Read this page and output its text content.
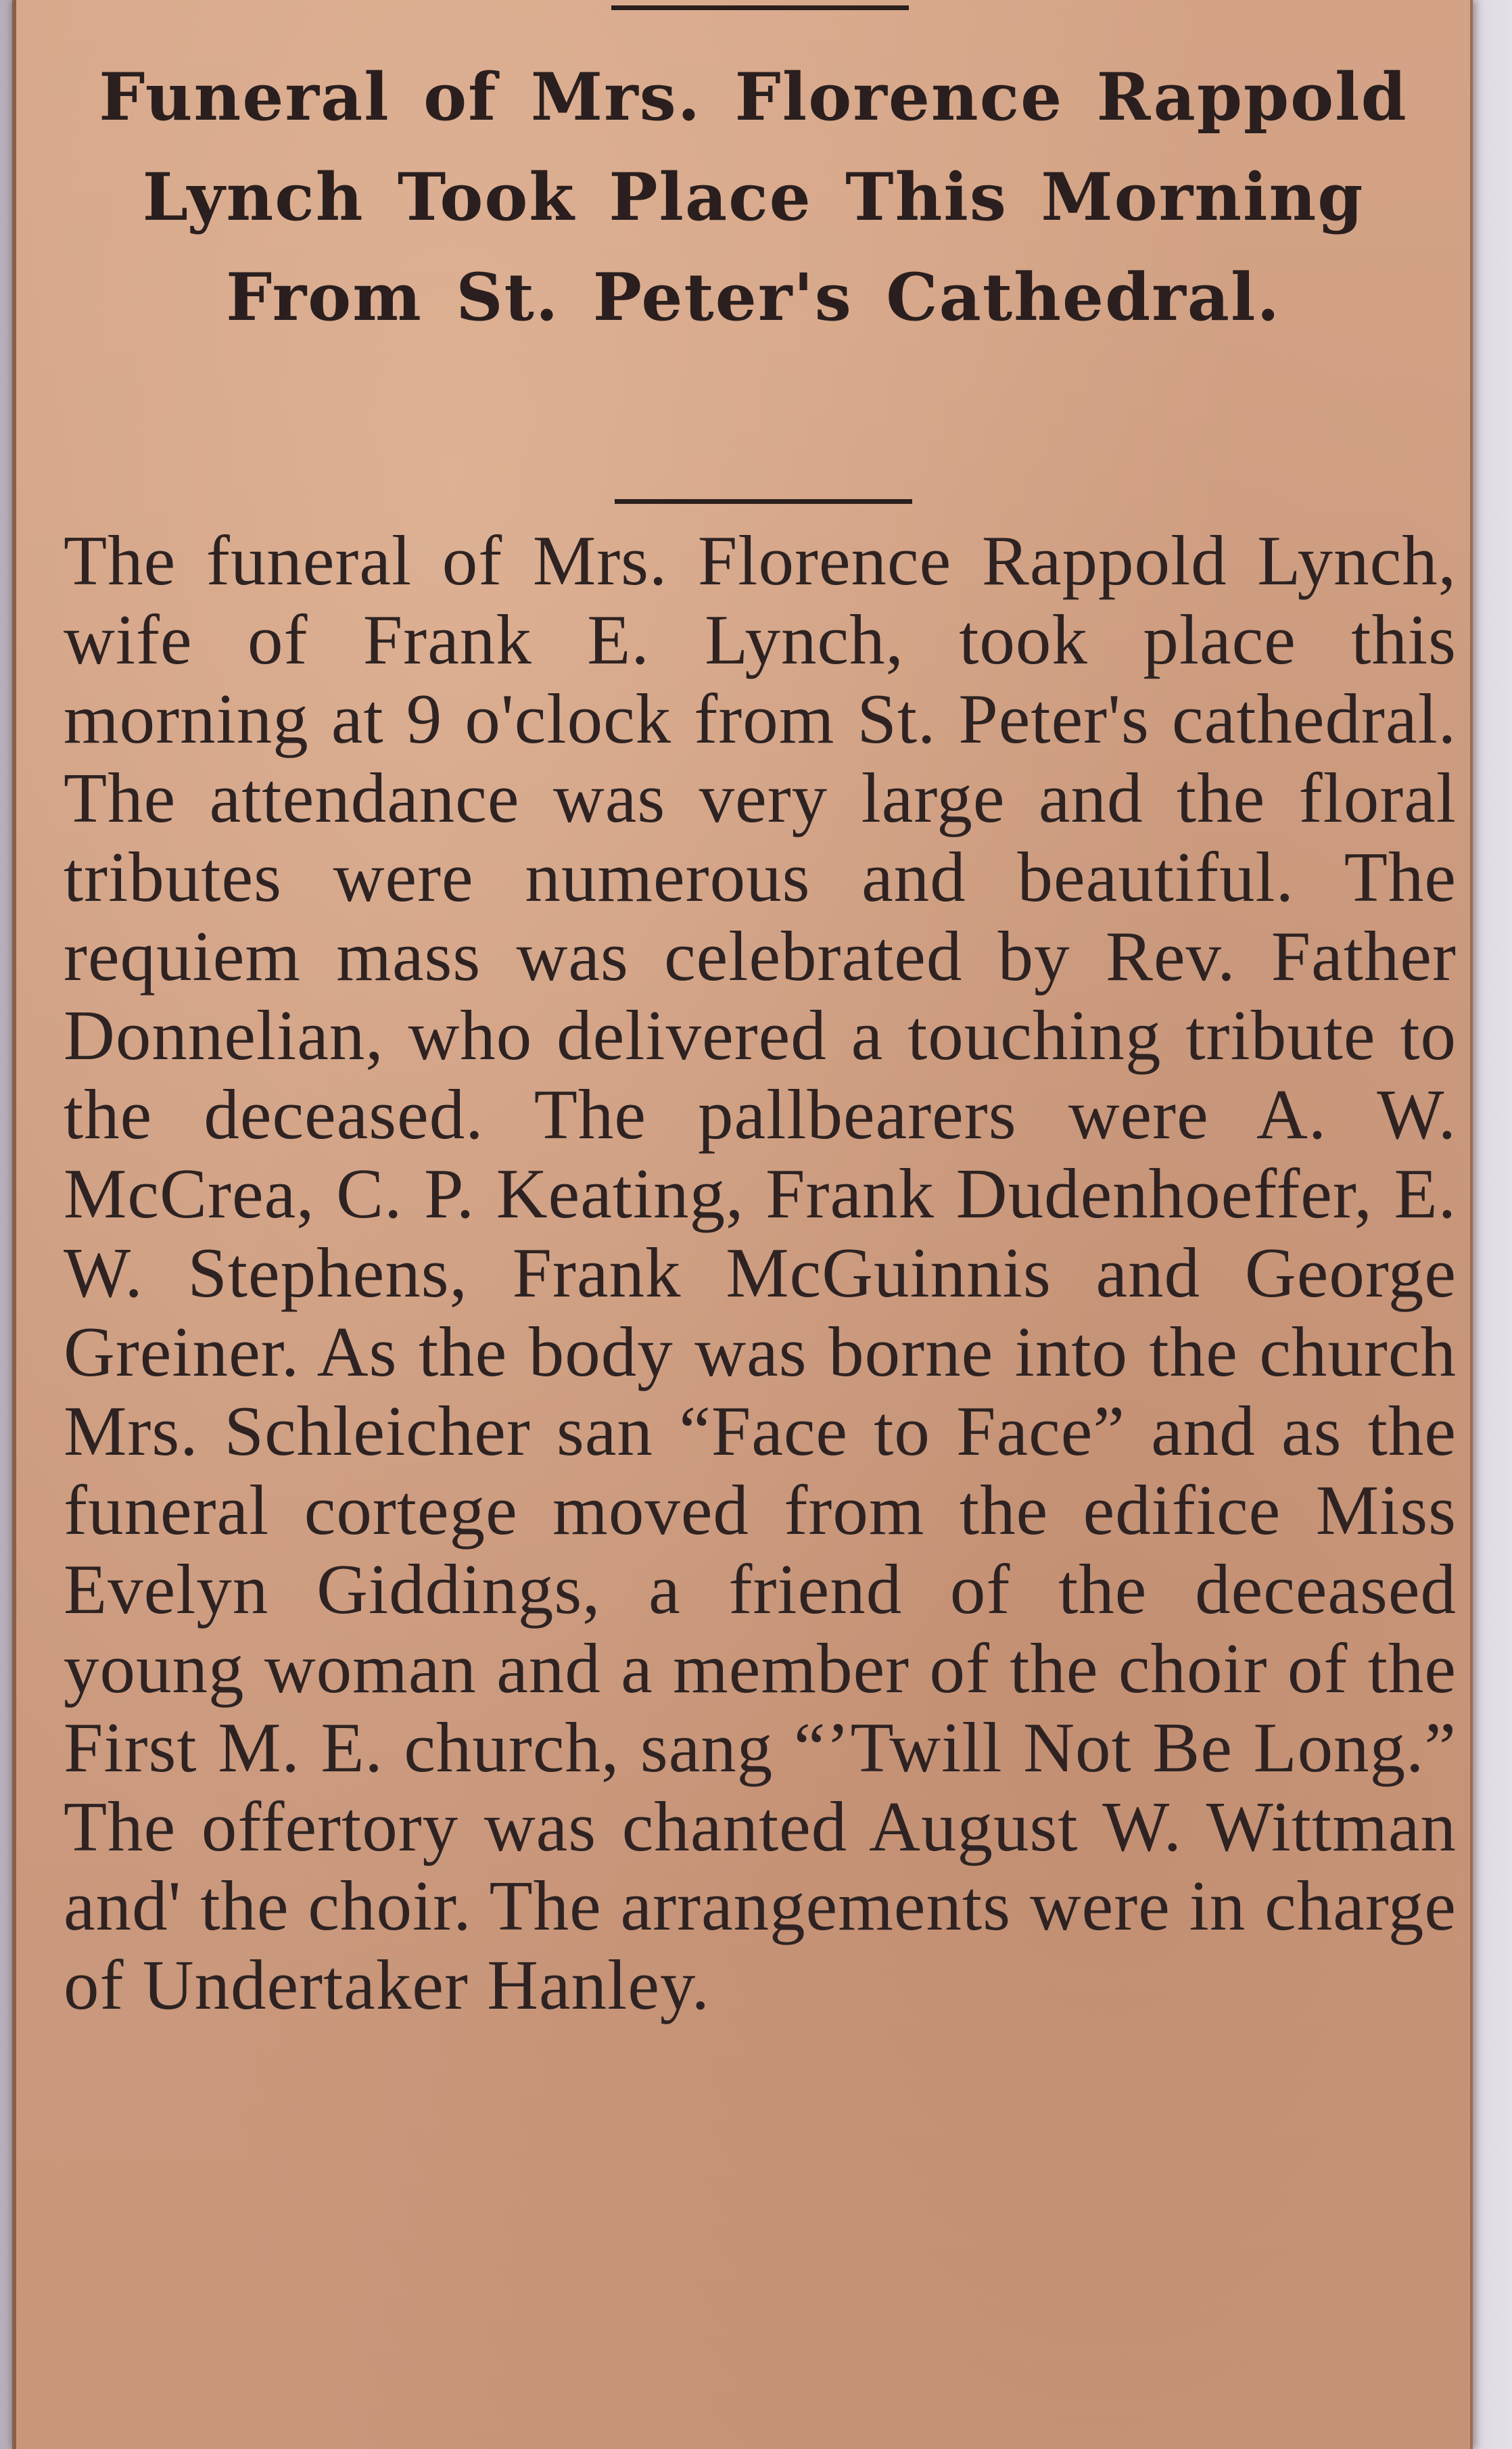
Funeral of Mrs. Florence Rappold Lynch Took Place This Morning From St. Peter's Cathedral.

The funeral of Mrs. Florence Rappold Lynch, wife of Frank E. Lynch, took place this morning at 9 o'clock from St. Peter's cathedral. The attendance was very large and the floral tributes were numerous and beautiful. The requiem mass was celebrated by Rev. Father Donnelian, who delivered a touching tribute to the deceased. The pallbearers were A. W. McCrea, C. P. Keating, Frank Dudenhoeffer, E. W. Stephens, Frank McGuinnis and George Greiner. As the body was borne into the church Mrs. Schleicher san “Face to Face” and as the funeral cortege moved from the edifice Miss Evelyn Giddings, a friend of the deceased young woman and a member of the choir of the First M. E. church, sang “’Twill Not Be Long.” The offertory was chanted August W. Wittman and' the choir. The arrangements were in charge of Undertaker Hanley.
